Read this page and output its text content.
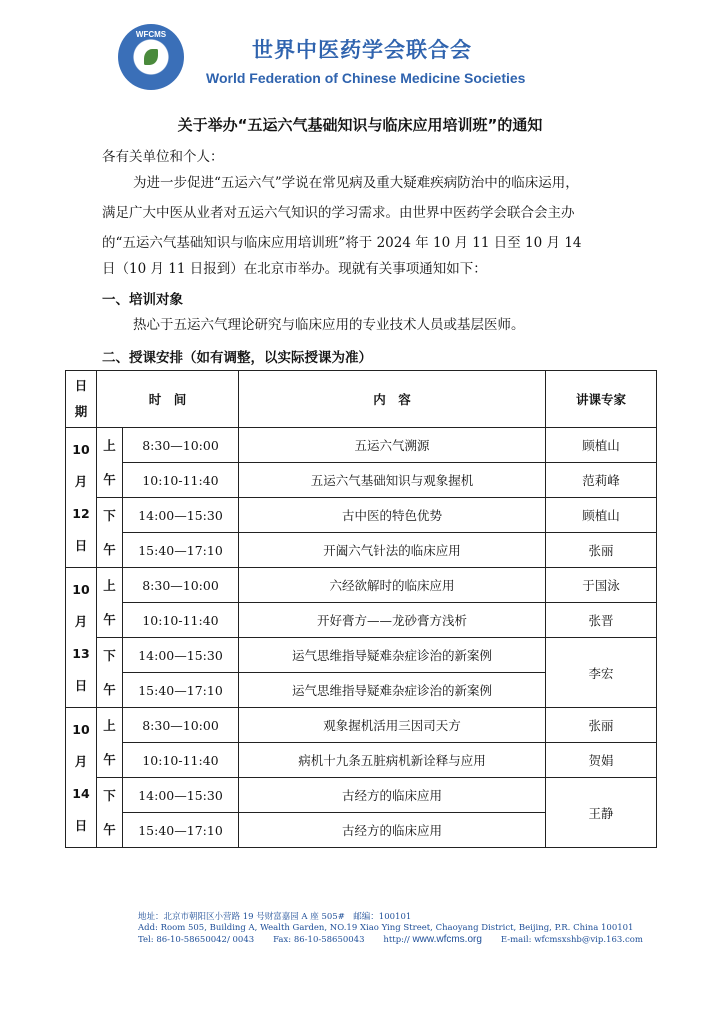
WFCMS
世界中医药学会联合会
World Federation of Chinese Medicine Societies
关于举办“五运六气基础知识与临床应用培训班”的通知
各有关单位和个人：
为进一步促进“五运六气”学说在常见病及重大疑难疾病防治中的临床运用，
满足广大中医从业者对五运六气知识的学习需求。由世界中医药学会联合会主办
的“五运六气基础知识与临床应用培训班”将于 2024 年 10 月 11 日至 10 月 14
日（10 月 11 日报到）在北京市举办。现就有关事项通知如下：
一、培训对象
热心于五运六气理论研究与临床应用的专业技术人员或基层医师。
二、授课安排（如有调整，以实际授课为准）
日期	时　间		内　容	讲课专家

10
月
12
日	上午	8:30—10:00	五运六气溯源	顾植山
		10:10-11:40	五运六气基础知识与观象握机	范莉峰

	下午	14:00—15:30	古中医的特色优势	顾植山
		15:40—17:10	开阖六气针法的临床应用	张丽

10
月
13
日	上午	8:30—10:00	六经欲解时的临床应用	于国泳
		10:10-11:40	开好膏方——龙砂膏方浅析	张晋

	下午	14:00—15:30	运气思维指导疑难杂症诊治的新案例	李宏
		15:40—17:10	运气思维指导疑难杂症诊治的新案例	

10
月
14
日	上午	8:30—10:00	观象握机活用三因司天方	张丽
		10:10-11:40	病机十九条五脏病机新诠释与应用	贺娟

	下午	14:00—15:30	古经方的临床应用	王静
		15:40—17:10	古经方的临床应用	
地址：北京市朝阳区小营路 19 号财富嘉园 A 座 505#　邮编：100101
Add: Room 505, Building A, Wealth Garden, NO.19 Xiao Ying Street, Chaoyang District, Beijing, P.R. China 100101
Tel: 86-10-58650042/ 0043 Fax: 86-10-58650043 http:// www.wfcms.org E-mail: wfcmsxshb@vip.163.com
